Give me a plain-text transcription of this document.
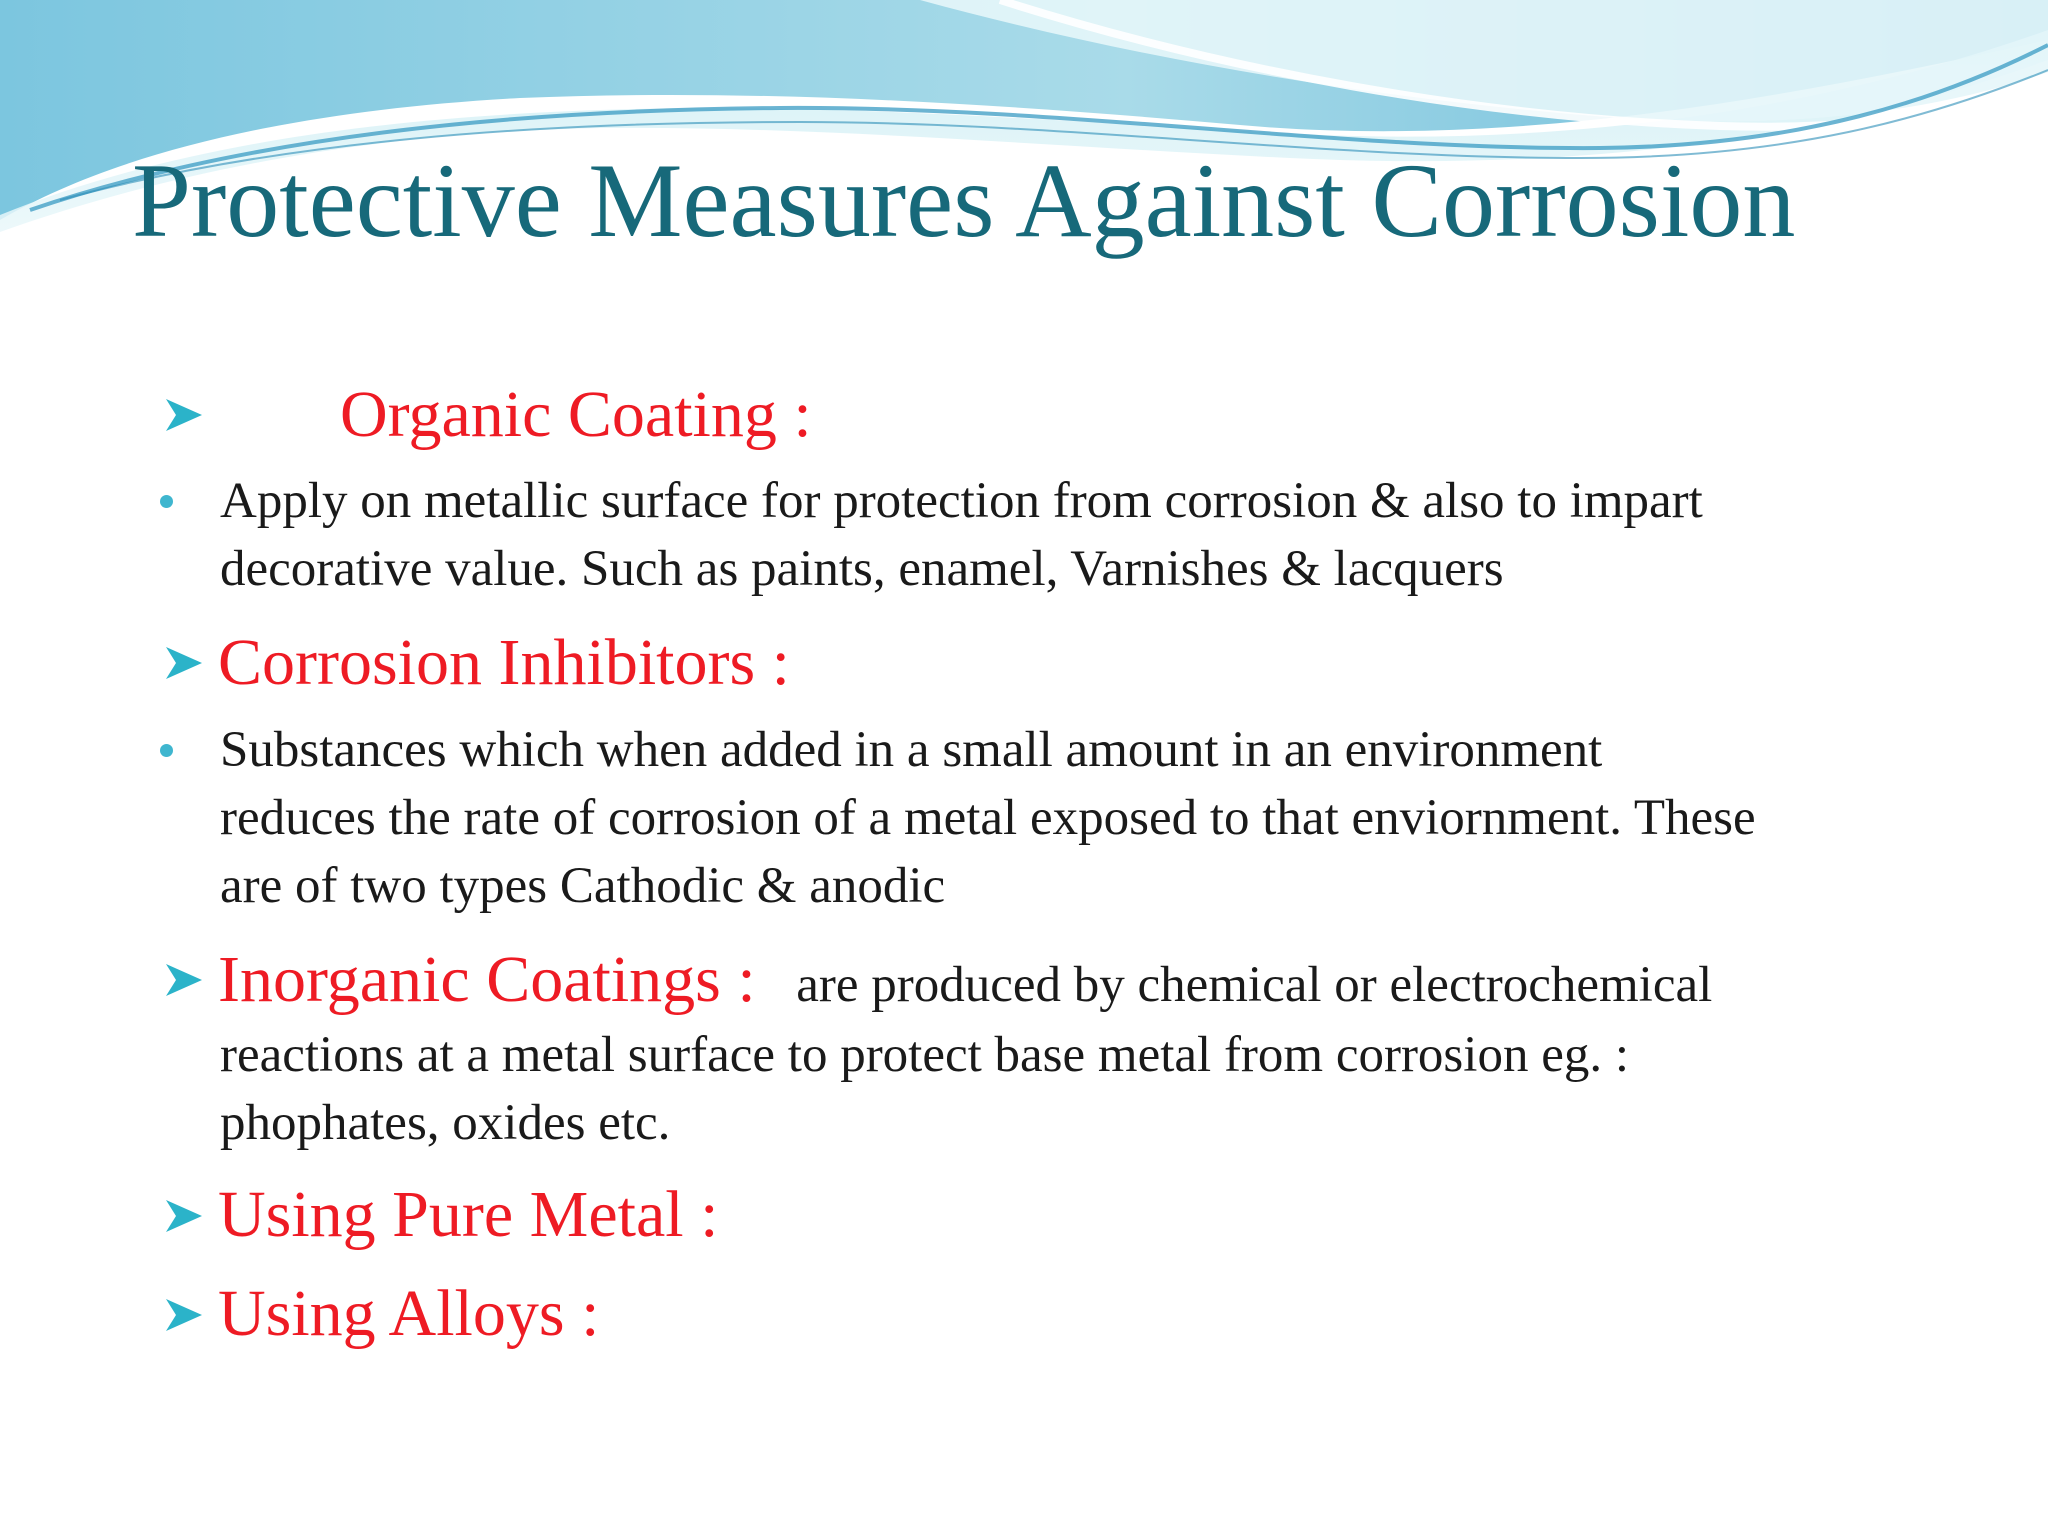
Protective Measures Against Corrosion
Organic Coating :

Apply on metallic surface for protection from corrosion & also to impart
decorative value. Such as paints, enamel, Varnishes & lacquers

Corrosion Inhibitors :

Substances which when added in a small amount in an environment
reduces the rate of corrosion of a metal exposed to that enviornment. These
are of two types Cathodic & anodic

Inorganic Coatings : are produced by chemical or electrochemical

reactions at a metal surface to protect base metal from corrosion eg. :
phophates, oxides etc.

Using Pure Metal :
Using Alloys :
